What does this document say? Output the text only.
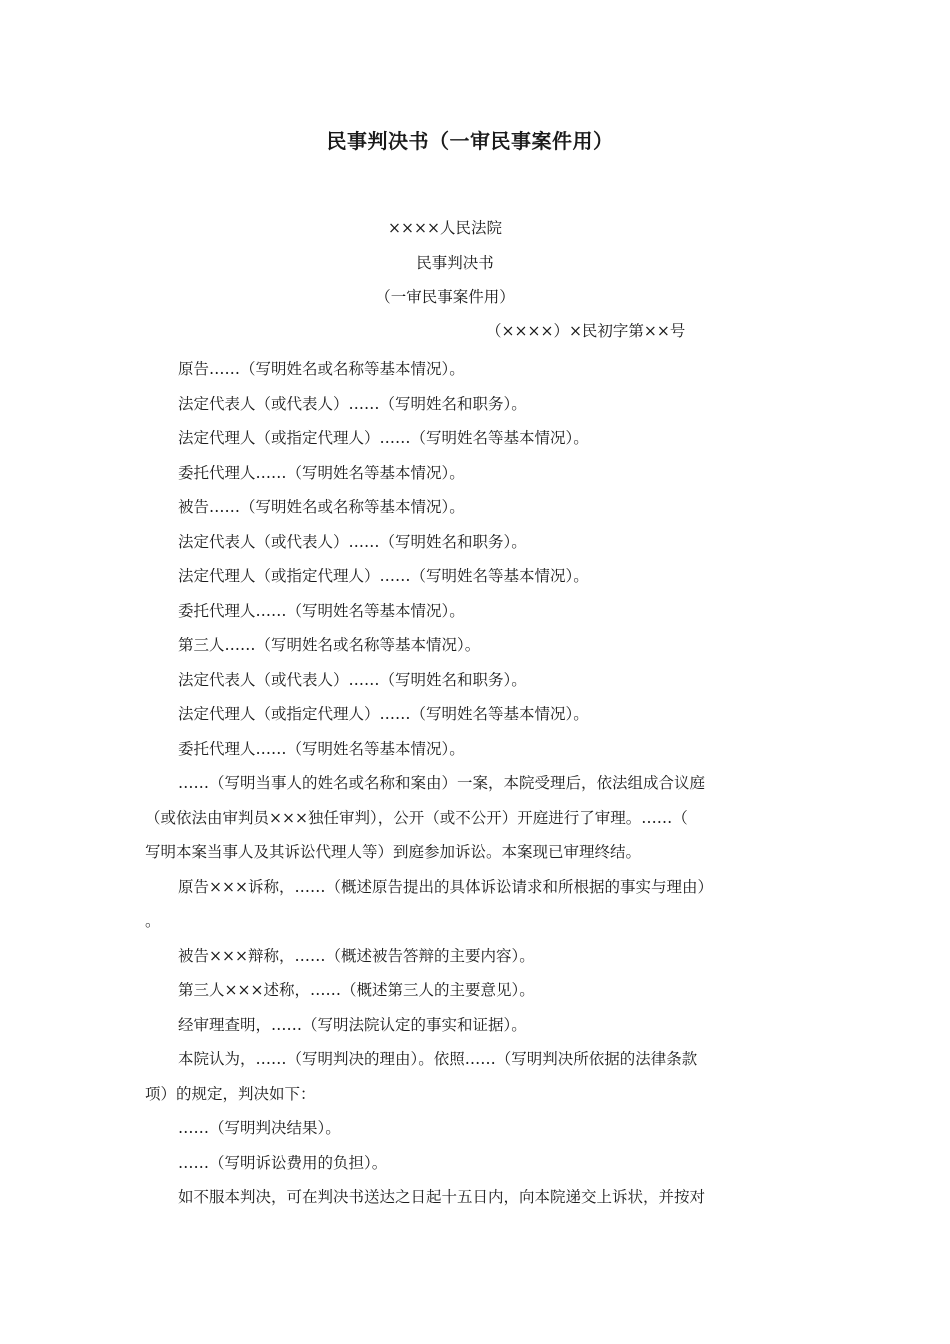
民事判决书（一审民事案件用）
××××人民法院
民事判决书
（一审民事案件用）
（××××）×民初字第××号

原告……（写明姓名或名称等基本情况）。

法定代表人（或代表人）……（写明姓名和职务）。

法定代理人（或指定代理人）……（写明姓名等基本情况）。

委托代理人……（写明姓名等基本情况）。

被告……（写明姓名或名称等基本情况）。

法定代表人（或代表人）……（写明姓名和职务）。

法定代理人（或指定代理人）……（写明姓名等基本情况）。

委托代理人……（写明姓名等基本情况）。

第三人……（写明姓名或名称等基本情况）。

法定代表人（或代表人）……（写明姓名和职务）。

法定代理人（或指定代理人）……（写明姓名等基本情况）。

委托代理人……（写明姓名等基本情况）。

……（写明当事人的姓名或名称和案由）一案，本院受理后，依法组成合议庭
（或依法由审判员×××独任审判），公开（或不公开）开庭进行了审理。……（
写明本案当事人及其诉讼代理人等）到庭参加诉讼。本案现已审理终结。

原告×××诉称，……（概述原告提出的具体诉讼请求和所根据的事实与理由）
。

被告×××辩称，……（概述被告答辩的主要内容）。

第三人×××述称，……（概述第三人的主要意见）。

经审理查明，……（写明法院认定的事实和证据）。

本院认为，……（写明判决的理由）。依照……（写明判决所依据的法律条款
项）的规定，判决如下：

……（写明判决结果）。

……（写明诉讼费用的负担）。

如不服本判决，可在判决书送达之日起十五日内，向本院递交上诉状，并按对
